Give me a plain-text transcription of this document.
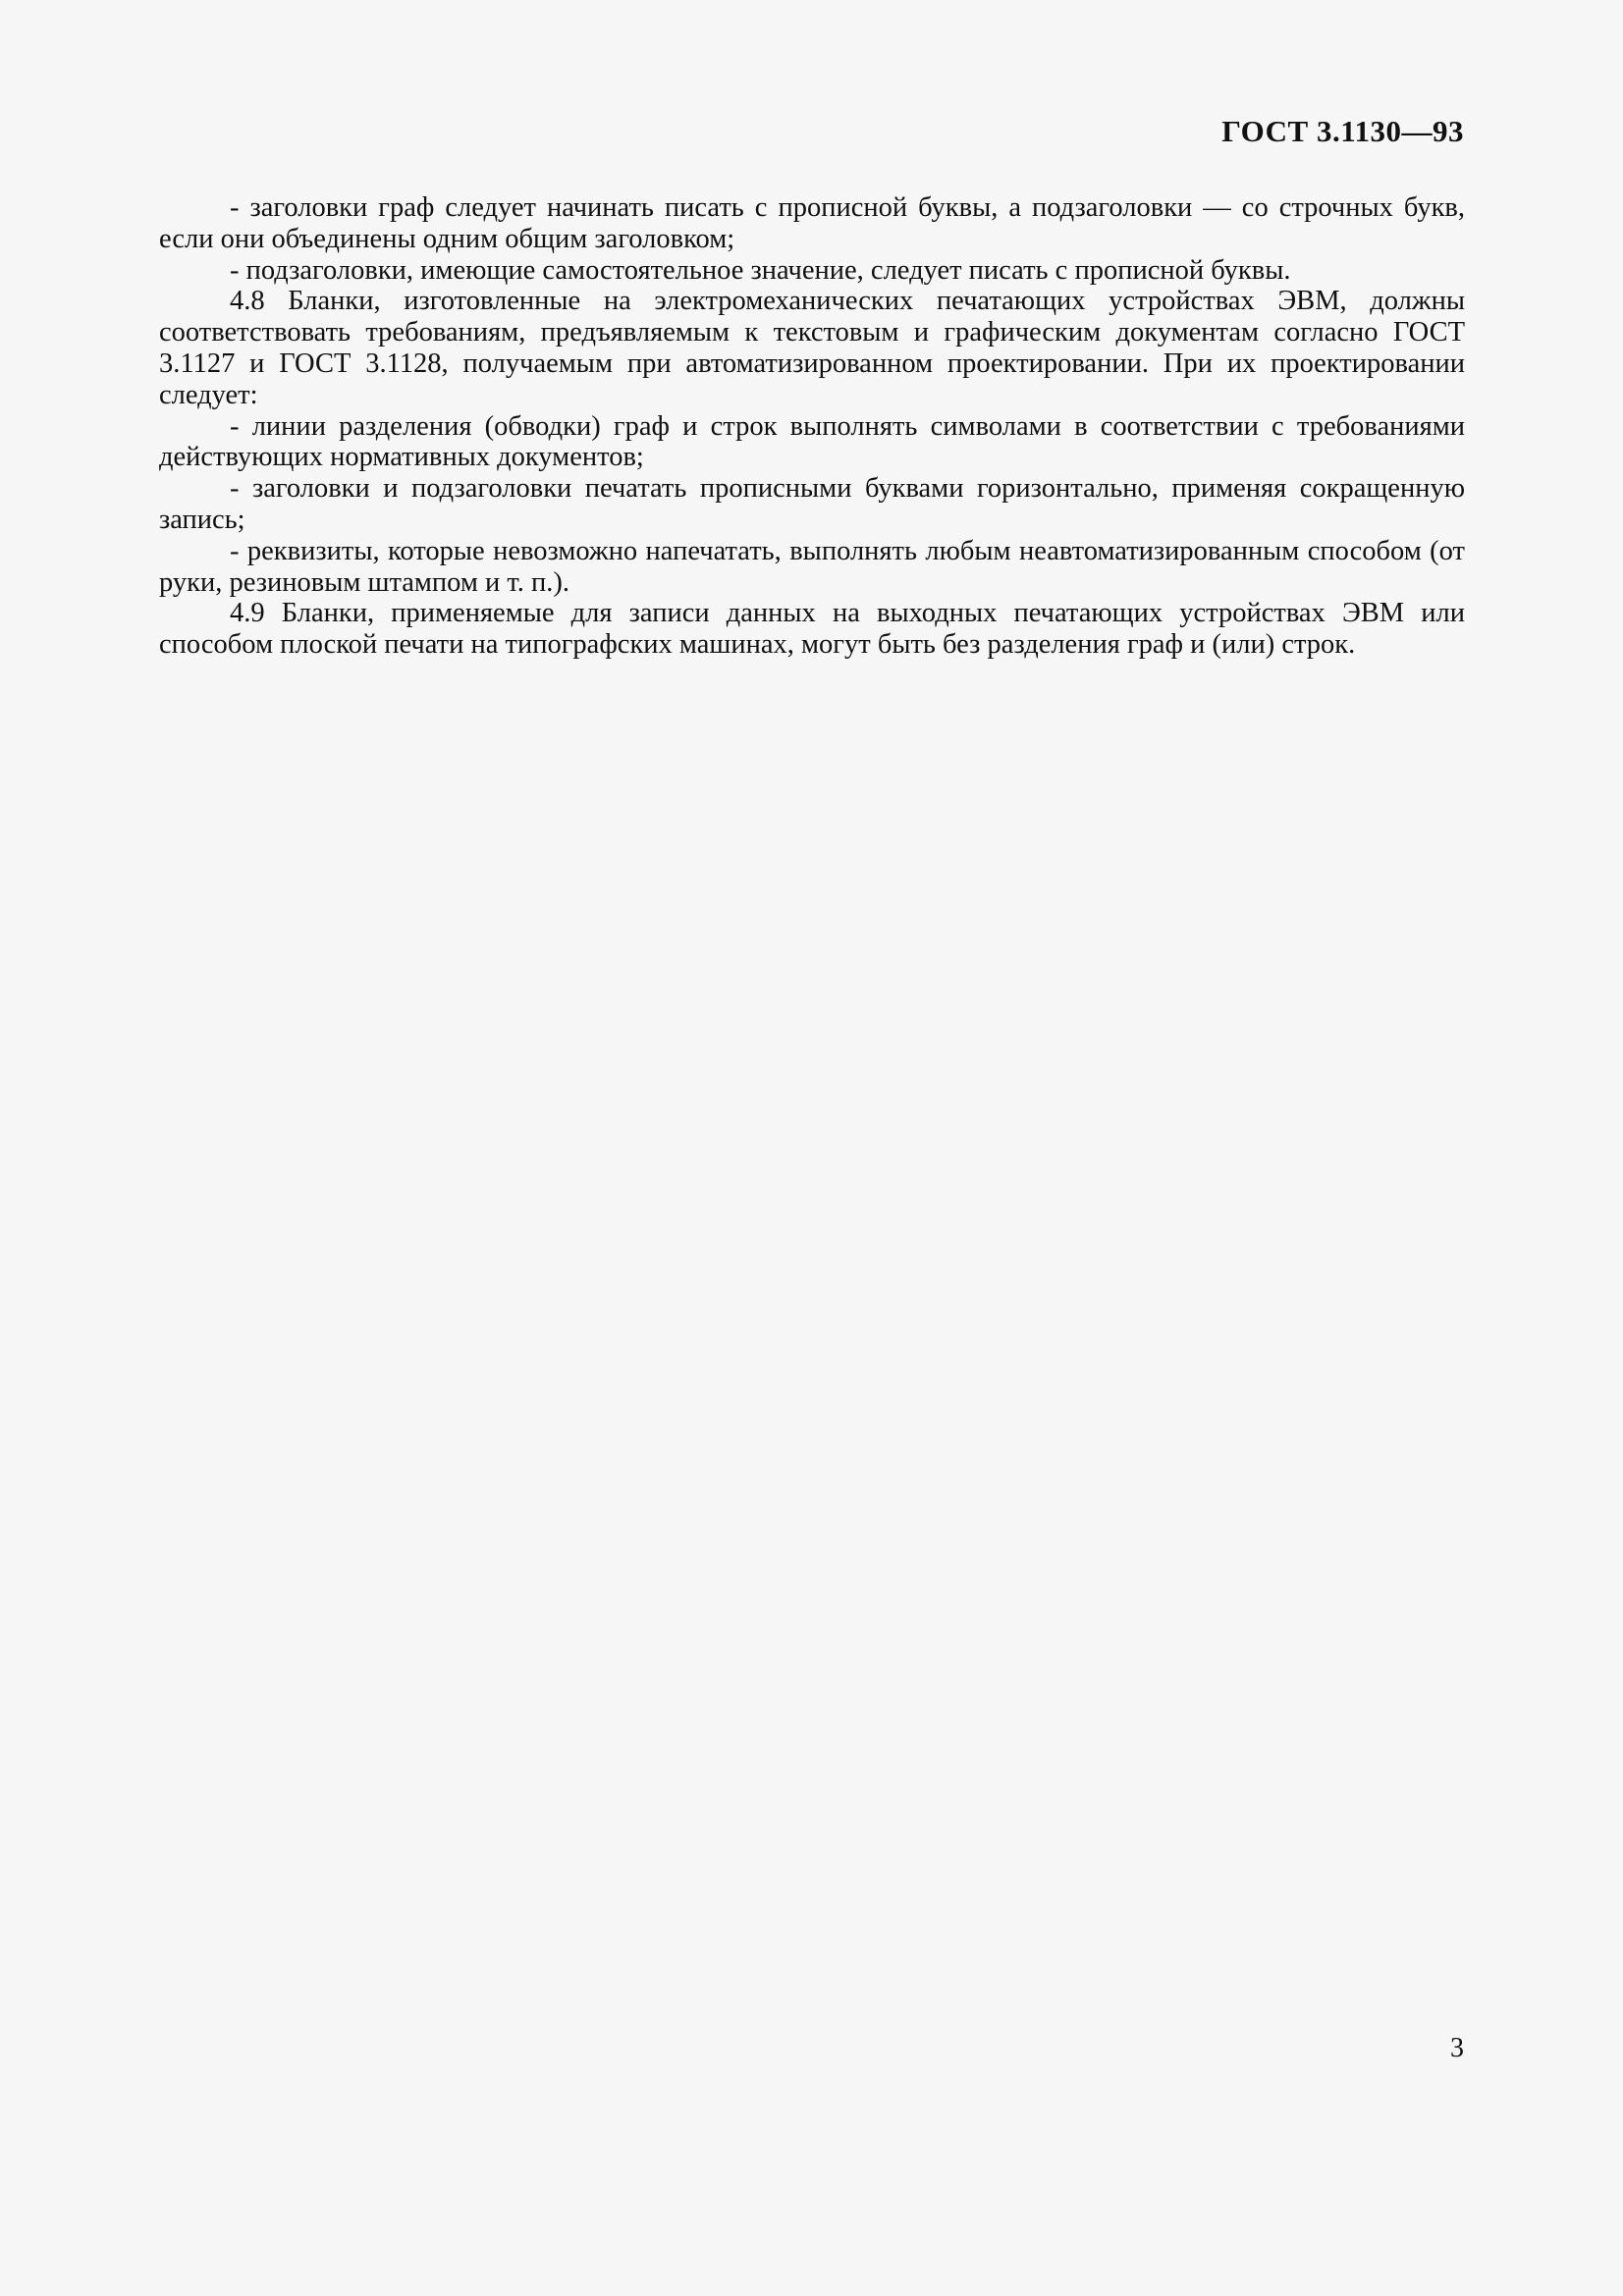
ГОСТ 3.1130—93

- заголовки граф следует начинать писать с прописной буквы, а подзаголовки — со строчных букв, если они объединены одним общим заголовком;

- подзаголовки, имеющие самостоятельное значение, следует писать с прописной буквы.

4.8 Бланки, изготовленные на электромеханических печатающих устройствах ЭВМ, должны соответствовать требованиям, предъявляемым к текстовым и графическим документам согласно ГОСТ 3.1127 и ГОСТ 3.1128, получаемым при автоматизированном проектировании. При их проектировании следует:

- линии разделения (обводки) граф и строк выполнять символами в соответствии с требованиями действующих нормативных документов;

- заголовки и подзаголовки печатать прописными буквами горизонтально, применяя сокращенную запись;

- реквизиты, которые невозможно напечатать, выполнять любым неавтоматизированным способом (от руки, резиновым штампом и т. п.).

4.9 Бланки, применяемые для записи данных на выходных печатающих устройствах ЭВМ или способом плоской печати на типографских машинах, могут быть без разделения граф и (или) строк.

3
